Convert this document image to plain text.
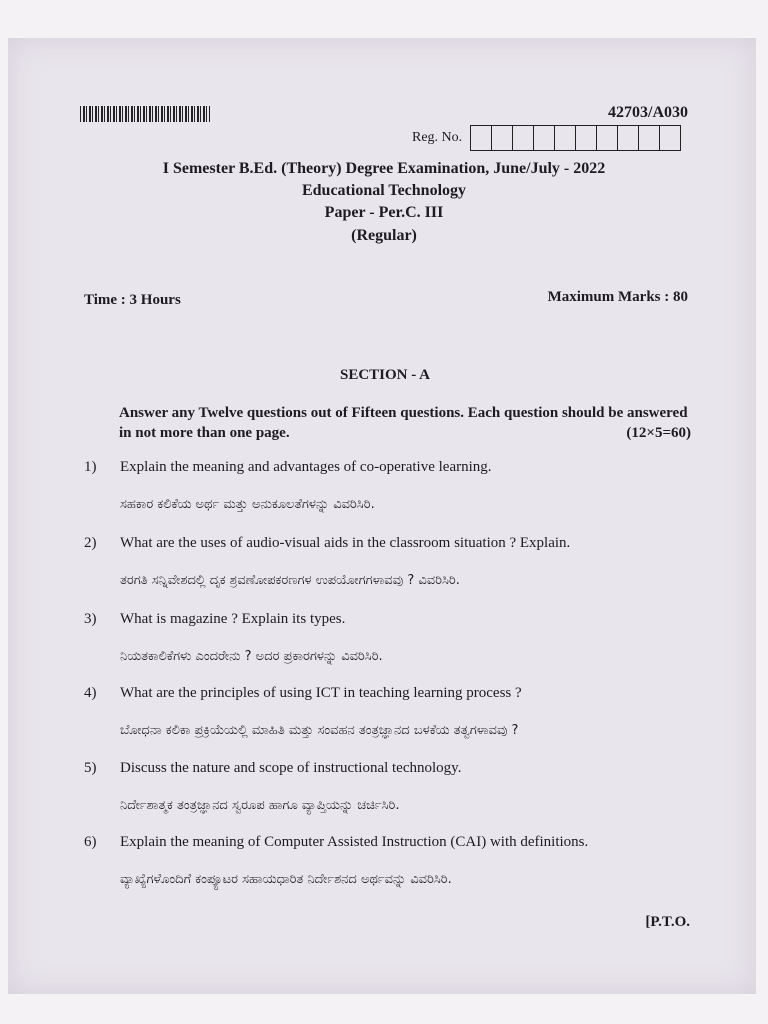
42703/A030
Reg. No.
I Semester B.Ed. (Theory) Degree Examination, June/July - 2022
Educational Technology
Paper - Per.C. III
(Regular)
Time : 3 Hours	Maximum Marks : 80
SECTION - A
Answer any Twelve questions out of Fifteen questions. Each question should be answered in not more than one page.	(12×5=60)
1) Explain the meaning and advantages of co-operative learning.
ಸಹಕಾರ ಕಲಿಕೆಯ ಅರ್ಥ ಮತ್ತು ಅನುಕೂಲತೆಗಳನ್ನು ವಿವರಿಸಿರಿ.
2) What are the uses of audio-visual aids in the classroom situation ? Explain.
ತರಗತಿ ಸನ್ನಿವೇಶದಲ್ಲಿ ದೃಕ ಶ್ರವಣೋಪಕರಣಗಳ ಉಪಯೋಗಗಳಾವವು ? ವಿವರಿಸಿರಿ.
3) What is magazine ? Explain its types.
ನಿಯತಕಾಲಿಕೆಗಳು ಎಂದರೇನು ? ಅದರ ಪ್ರಕಾರಗಳನ್ನು ವಿವರಿಸಿರಿ.
4) What are the principles of using ICT in teaching learning process ?
ಬೋಧನಾ ಕಲಿಕಾ ಪ್ರಕ್ರಿಯೆಯಲ್ಲಿ ಮಾಹಿತಿ ಮತ್ತು ಸಂವಹನ ತಂತ್ರಜ್ಞಾನದ ಬಳಕೆಯ ತತ್ವಗಳಾವವು ?
5) Discuss the nature and scope of instructional technology.
ನಿರ್ದೇಶಾತ್ಮಕ ತಂತ್ರಜ್ಞಾನದ ಸ್ವರೂಪ ಹಾಗೂ ವ್ಯಾಪ್ತಿಯನ್ನು ಚರ್ಚಿಸಿರಿ.
6) Explain the meaning of Computer Assisted Instruction (CAI) with definitions.
ವ್ಯಾಖ್ಯೆಗಳೊಂದಿಗೆ ಕಂಪ್ಯೂಟರ ಸಹಾಯಧಾರಿತ ನಿರ್ದೇಶನದ ಅರ್ಥವನ್ನು ವಿವರಿಸಿರಿ.
[P.T.O.
